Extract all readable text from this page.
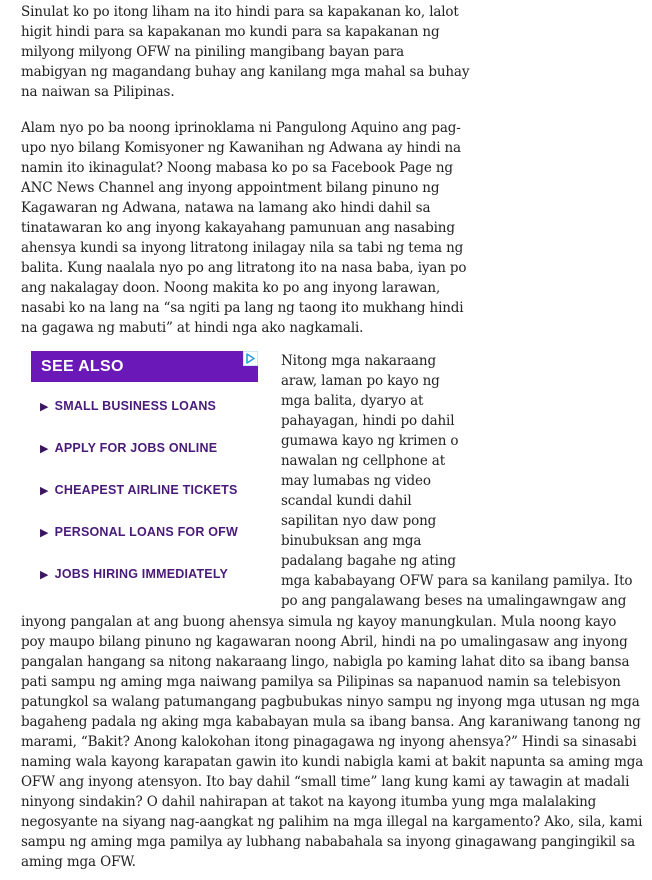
Sinulat ko po itong liham na ito hindi para sa kapakanan ko, lalot
higit hindi para sa kapakanan mo kundi para sa kapakanan ng
milyong milyong OFW na piniling mangibang bayan para
mabigyan ng magandang buhay ang kanilang mga mahal sa buhay
na naiwan sa Pilipinas.

Alam nyo po ba noong iprinoklama ni Pangulong Aquino ang pag-
upo nyo bilang Komisyoner ng Kawanihan ng Adwana ay hindi na
namin ito ikinagulat? Noong mabasa ko po sa Facebook Page ng
ANC News Channel ang inyong appointment bilang pinuno ng
Kagawaran ng Adwana, natawa na lamang ako hindi dahil sa
tinatawaran ko ang inyong kakayahang pamunuan ang nasabing
ahensya kundi sa inyong litratong inilagay nila sa tabi ng tema ng
balita. Kung naalala nyo po ang litratong ito na nasa baba, iyan po
ang nakalagay doon. Noong makita ko po ang inyong larawan,
nasabi ko na lang na “sa ngiti pa lang ng taong ito mukhang hindi
na gagawa ng mabuti” at hindi nga ako nagkamali.

SEE ALSO
▶ SMALL BUSINESS LOANS
▶ APPLY FOR JOBS ONLINE
▶ CHEAPEST AIRLINE TICKETS
▶ PERSONAL LOANS FOR OFW
▶ JOBS HIRING IMMEDIATELY

Nitong mga nakaraang
araw, laman po kayo ng
mga balita, dyaryo at
pahayagan, hindi po dahil
gumawa kayo ng krimen o
nawalan ng cellphone at
may lumabas ng video
scandal kundi dahil
sapilitan nyo daw pong
binubuksan ang mga
padalang bagahe ng ating
mga kababayang OFW para sa kanilang pamilya. Ito
po ang pangalawang beses na umalingawngaw ang

inyong pangalan at ang buong ahensya simula ng kayoy manungkulan. Mula noong kayo
poy maupo bilang pinuno ng kagawaran noong Abril, hindi na po umalingasaw ang inyong
pangalan hangang sa nitong nakaraang lingo, nabigla po kaming lahat dito sa ibang bansa
pati sampu ng aming mga naiwang pamilya sa Pilipinas sa napanuod namin sa telebisyon
patungkol sa walang patumangang pagbubukas ninyo sampu ng inyong mga utusan ng mga
bagaheng padala ng aking mga kababayan mula sa ibang bansa. Ang karaniwang tanong ng
marami, “Bakit? Anong kalokohan itong pinagagawa ng inyong ahensya?” Hindi sa sinasabi
naming wala kayong karapatan gawin ito kundi nabigla kami at bakit napunta sa aming mga
OFW ang inyong atensyon. Ito bay dahil “small time” lang kung kami ay tawagin at madali
ninyong sindakin? O dahil nahirapan at takot na kayong itumba yung mga malalaking
negosyante na siyang nag-aangkat ng palihim na mga illegal na kargamento? Ako, sila, kami
sampu ng aming mga pamilya ay lubhang nababahala sa inyong ginagawang pangingikil sa
aming mga OFW.
